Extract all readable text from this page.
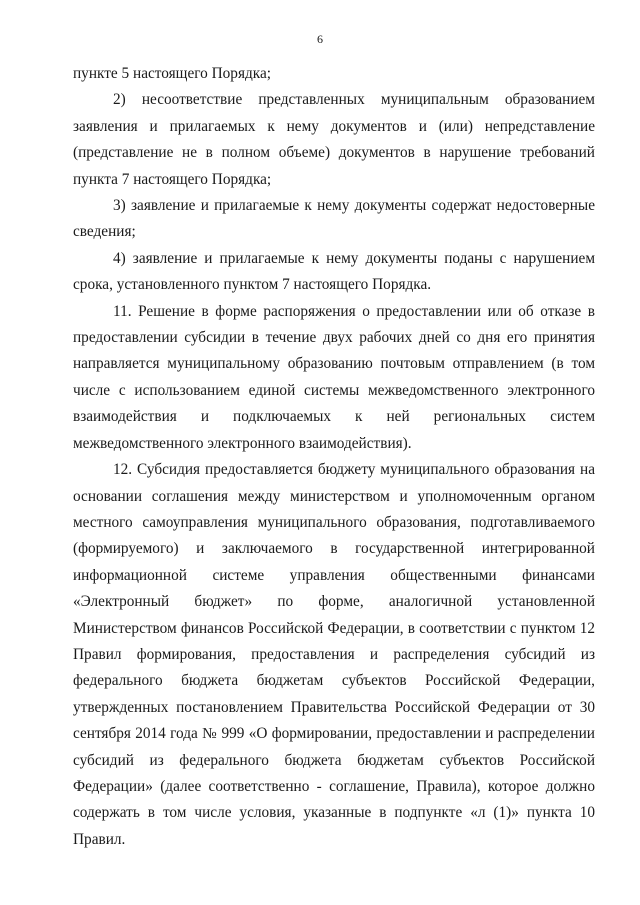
6

пункте 5 настоящего Порядка;

2) несоответствие представленных муниципальным образованием заявления и прилагаемых к нему документов и (или) непредставление (представление не в полном объеме) документов в нарушение требований пункта 7 настоящего Порядка;

3) заявление и прилагаемые к нему документы содержат недостоверные сведения;

4) заявление и прилагаемые к нему документы поданы с нарушением срока, установленного пунктом 7 настоящего Порядка.

11. Решение в форме распоряжения о предоставлении или об отказе в предоставлении субсидии в течение двух рабочих дней со дня его принятия направляется муниципальному образованию почтовым отправлением (в том числе с использованием единой системы межведомственного электронного взаимодействия и подключаемых к ней региональных систем межведомственного электронного взаимодействия).

12. Субсидия предоставляется бюджету муниципального образования на основании соглашения между министерством и уполномоченным органом местного самоуправления муниципального образования, подготавливаемого (формируемого) и заключаемого в государственной интегрированной информационной системе управления общественными финансами «Электронный бюджет» по форме, аналогичной установленной Министерством финансов Российской Федерации, в соответствии с пунктом 12 Правил формирования, предоставления и распределения субсидий из федерального бюджета бюджетам субъектов Российской Федерации, утвержденных постановлением Правительства Российской Федерации от 30 сентября 2014 года № 999 «О формировании, предоставлении и распределении субсидий из федерального бюджета бюджетам субъектов Российской Федерации» (далее соответственно - соглашение, Правила), которое должно содержать в том числе условия, указанные в подпункте «л (1)» пункта 10 Правил.
